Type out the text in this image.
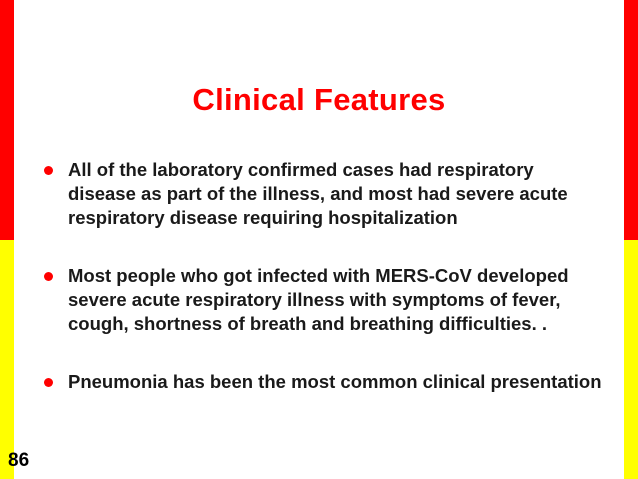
Clinical Features
All of the laboratory confirmed cases had respiratory disease as part of the illness, and most had severe acute respiratory disease requiring hospitalization
Most people who got infected with MERS-CoV developed severe acute respiratory illness with symptoms of fever, cough, shortness of breath and breathing difficulties. .
Pneumonia has been the most common clinical presentation
86
